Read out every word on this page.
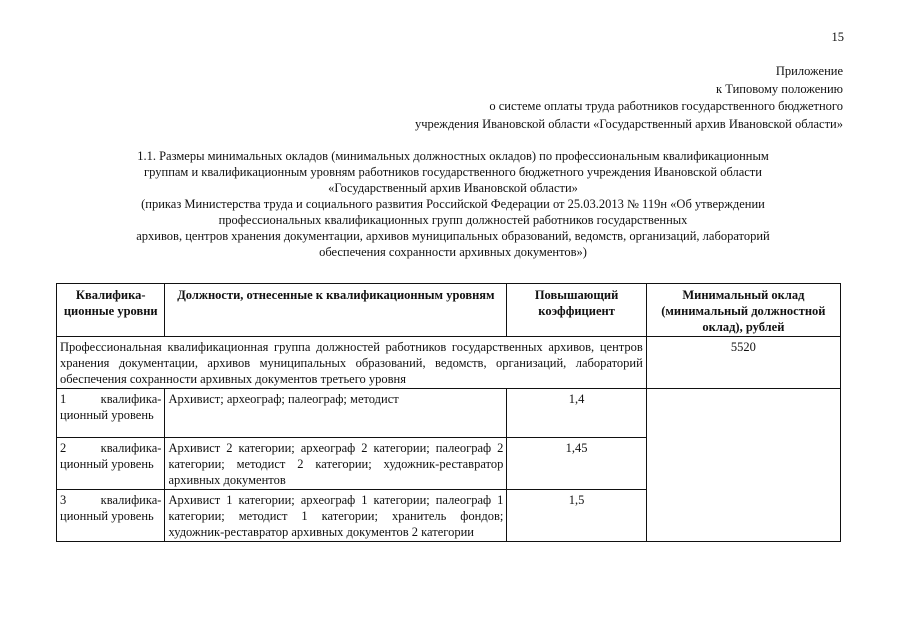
15
Приложение
к Типовому положению
о системе оплаты труда работников государственного бюджетного
учреждения Ивановской области «Государственный архив Ивановской области»
1.1. Размеры минимальных окладов (минимальных должностных окладов) по профессиональным квалификационным
группам и квалификационным уровням работников государственного бюджетного учреждения Ивановской области
«Государственный архив Ивановской области»
(приказ Министерства труда и социального развития Российской Федерации от 25.03.2013 № 119н «Об утверждении
профессиональных квалификационных групп должностей работников государственных
архивов, центров хранения документации, архивов муниципальных образований, ведомств, организаций, лабораторий
обеспечения сохранности архивных документов»)
Квалифика-ционные уровни	Должности, отнесенные к квалификационным уровням	Повышающий коэффициент	Минимальный оклад (минимальный должностной оклад), рублей
Профессиональная квалификационная группа должностей работников государственных архивов, центров хранения документации, архивов муниципальных образований, ведомств, организаций, лабораторий обеспечения сохранности архивных документов третьего уровня			5520
1 квалифика-ционный уровень	Архивист; археограф; палеограф; методист	1,4	
2 квалифика-ционный уровень	Архивист 2 категории; археограф 2 категории; палеограф 2 категории; методист 2 категории; художник-реставратор архивных документов	1,45	
3 квалифика-ционный уровень	Архивист 1 категории; археограф 1 категории; палеограф 1 категории; методист 1 категории; хранитель фондов; художник-реставратор архивных документов 2 категории	1,5	
